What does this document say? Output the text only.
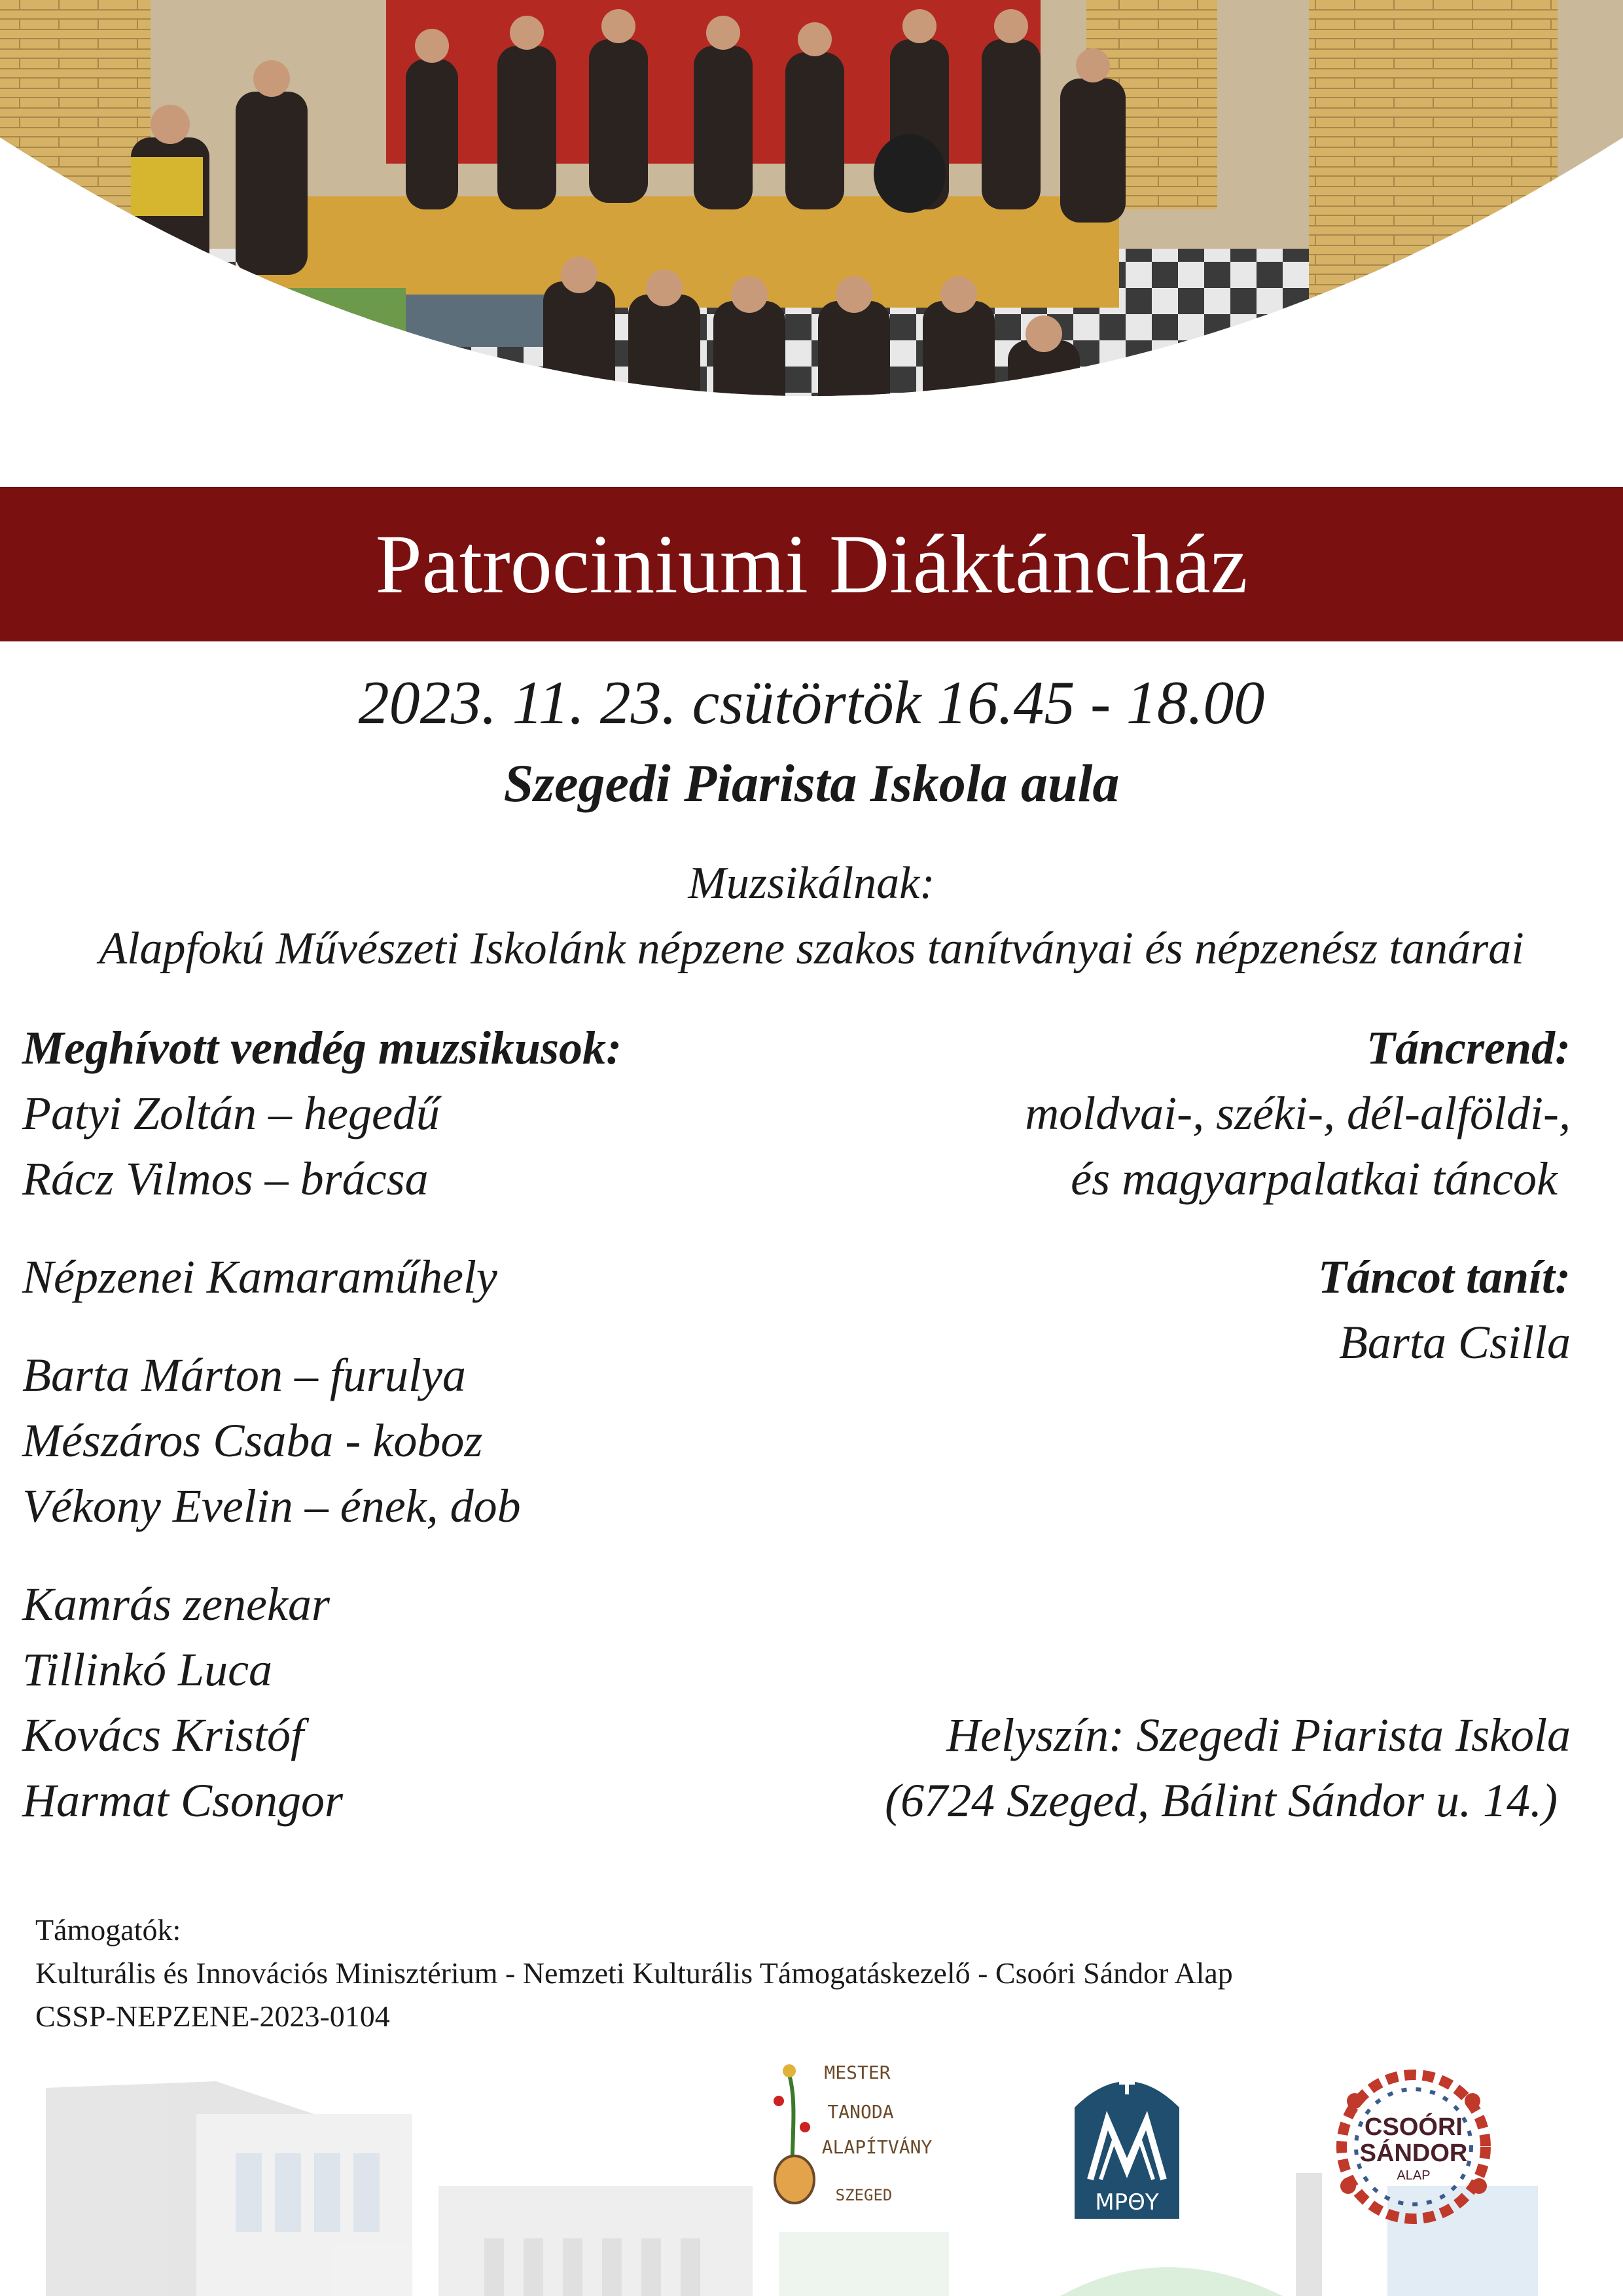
Patrociniumi Diáktáncház
2023. 11. 23. csütörtök 16.45 - 18.00
Szegedi Piarista Iskola aula
Muzsikálnak:
Alapfokú Művészeti Iskolánk népzene szakos tanítványai és népzenész tanárai
Meghívott vendég muzsikusok:
Patyi Zoltán – hegedű
Rácz Vilmos – brácsa
Népzenei Kamaraműhely
Barta Márton – furulya
Mészáros Csaba - koboz
Vékony Evelin – ének, dob
Kamrás zenekar
Tillinkó Luca
Kovács Kristóf
Harmat Csongor
Táncrend:
moldvai-, széki-, dél-alföldi-,
és magyarpalatkai táncok
Táncot tanít:
Barta Csilla
Helyszín: Szegedi Piarista Iskola
(6724 Szeged, Bálint Sándor u. 14.)
Támogatók:
Kulturális és Innovációs Minisztérium - Nemzeti Kulturális Támogatáskezelő - Csoóri Sándor Alap
CSSP-NEPZENE-2023-0104
MESTER
TANODA
ALAPÍTVÁNY
SZEGED	ΜΡΘΥ
CSOÓRI
SÁNDOR
ALAP
